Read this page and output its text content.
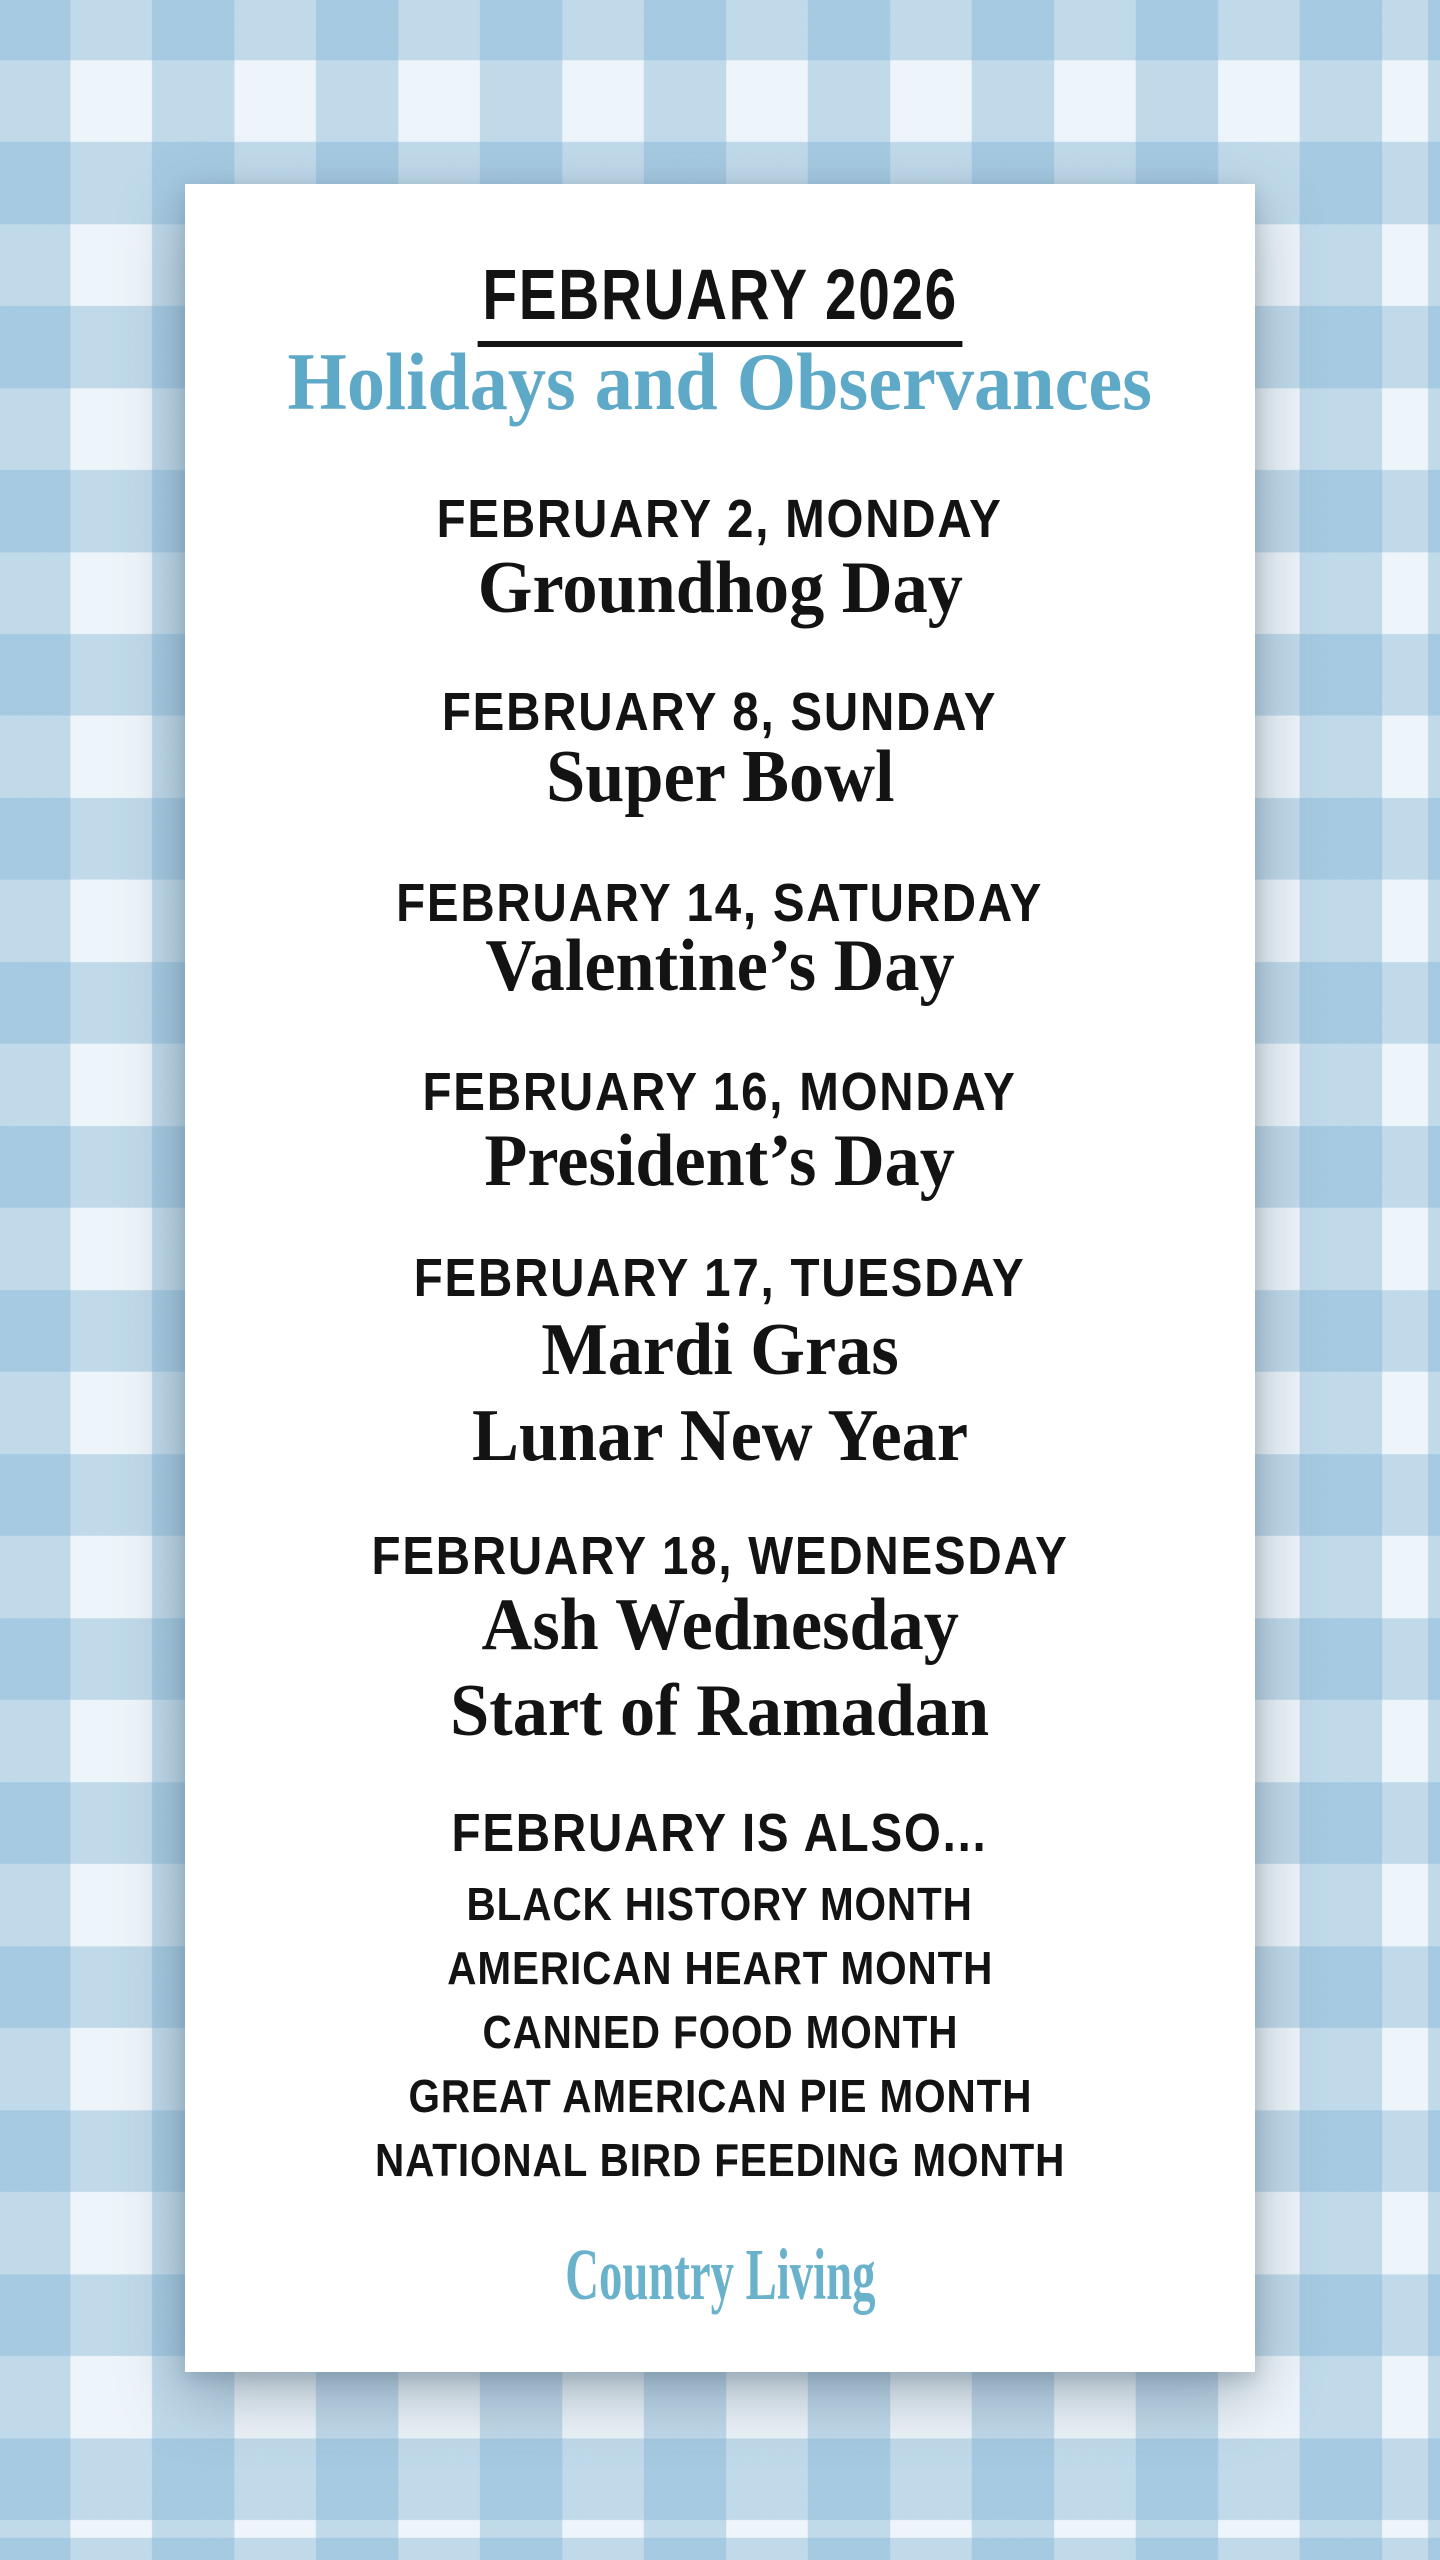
FEBRUARY 2026
Holidays and Observances
FEBRUARY 2, MONDAY
Groundhog Day
FEBRUARY 8, SUNDAY
Super Bowl
FEBRUARY 14, SATURDAY
Valentine’s Day
FEBRUARY 16, MONDAY
President’s Day
FEBRUARY 17, TUESDAY
Mardi Gras
Lunar New Year
FEBRUARY 18, WEDNESDAY
Ash Wednesday
Start of Ramadan
FEBRUARY IS ALSO...
BLACK HISTORY MONTH
AMERICAN HEART MONTH
CANNED FOOD MONTH
GREAT AMERICAN PIE MONTH
NATIONAL BIRD FEEDING MONTH
Country Living
